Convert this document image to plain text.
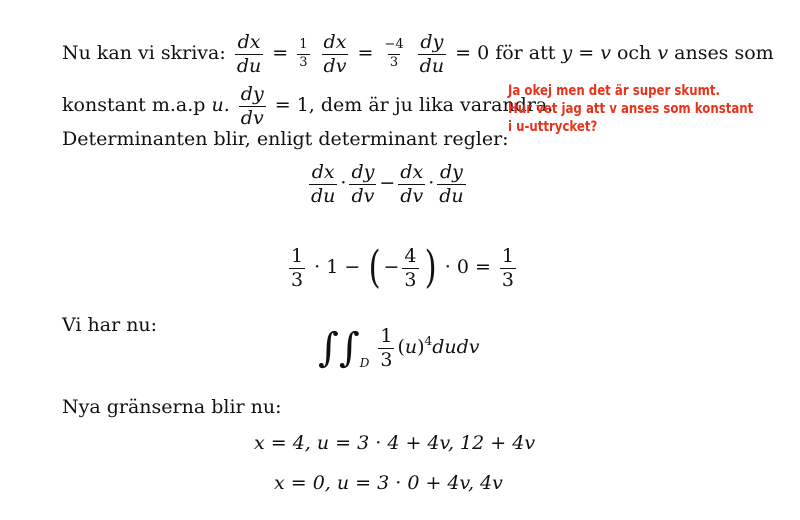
Nu kan vi skriva: $\frac{dx}{du} = \frac{1}{3}$
$\frac{dx}{dv} = \frac{-4}{3}$
$\frac{dy}{du} = 0$ för att y = v och v anses som
konstant m.a.p u. $\frac{dy}{dv} = 1$, dem är ju lika varandra.
Ja okej men det är super skumt.
Hur vet jag att v anses som konstant
i u-uttrycket?
Determinanten blir, enligt determinant regler:
$\frac{dx}{du} \cdot \frac{dy}{dv} - \frac{dx}{dv} \cdot \frac{dy}{du}$
$\frac{1}{3} \cdot 1$ − ( − $\frac{4}{3}$ ) · $0 = \frac{1}{3}$
Vi har nu:
$\int\int_D \frac{1}{3}$ $(u)^4dudv$
Nya gränserna blir nu:
x = 4, u = 3 · 4 + 4v, 12 + 4v
x = 0, u = 3 · 0 + 4v, 4v
